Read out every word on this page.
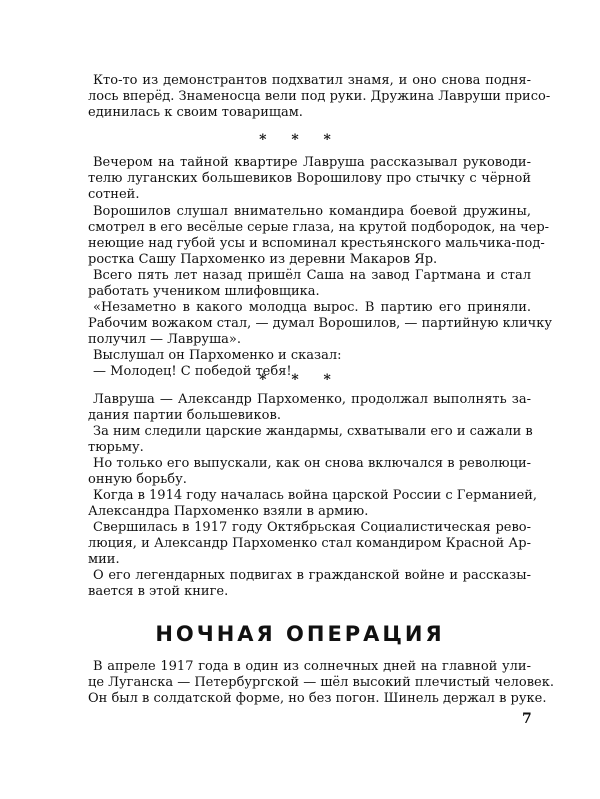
Кто-то из демонстрантов подхватил знамя, и оно снова подня-
лось вперёд. Знаменосца вели под руки. Дружина Лавруши присо-
единилась к своим товарищам.
* * *
Вечером на тайной квартире Лавруша рассказывал руководи-
телю луганских большевиков Ворошилову про стычку с чёрной
сотней.
Ворошилов слушал внимательно командира боевой дружины,
смотрел в его весёлые серые глаза, на крутой подбородок, на чер-
неющие над губой усы и вспоминал крестьянского мальчика-под-
ростка Сашу Пархоменко из деревни Макаров Яр.
Всего пять лет назад пришёл Саша на завод Гартмана и стал
работать учеником шлифовщика.
«Незаметно в какого молодца вырос. В партию его приняли.
Рабочим вожаком стал, — думал Ворошилов, — партийную кличку
получил — Лавруша».
Выслушал он Пархоменко и сказал:
— Молодец! С победой тебя!
* * *
Лавруша — Александр Пархоменко, продолжал выполнять за-
дания партии большевиков.
За ним следили царские жандармы, схватывали его и сажали в
тюрьму.
Но только его выпускали, как он снова включался в революци-
онную борьбу.
Когда в 1914 году началась война царской России с Германией,
Александра Пархоменко взяли в армию.
Свершилась в 1917 году Октябрьская Социалистическая рево-
люция, и Александр Пархоменко стал командиром Красной Ар-
мии.
О его легендарных подвигах в гражданской войне и рассказы-
вается в этой книге.
НОЧНАЯ ОПЕРАЦИЯ
В апреле 1917 года в один из солнечных дней на главной ули-
це Луганска — Петербургской — шёл высокий плечистый человек.
Он был в солдатской форме, но без погон. Шинель держал в руке.
7
